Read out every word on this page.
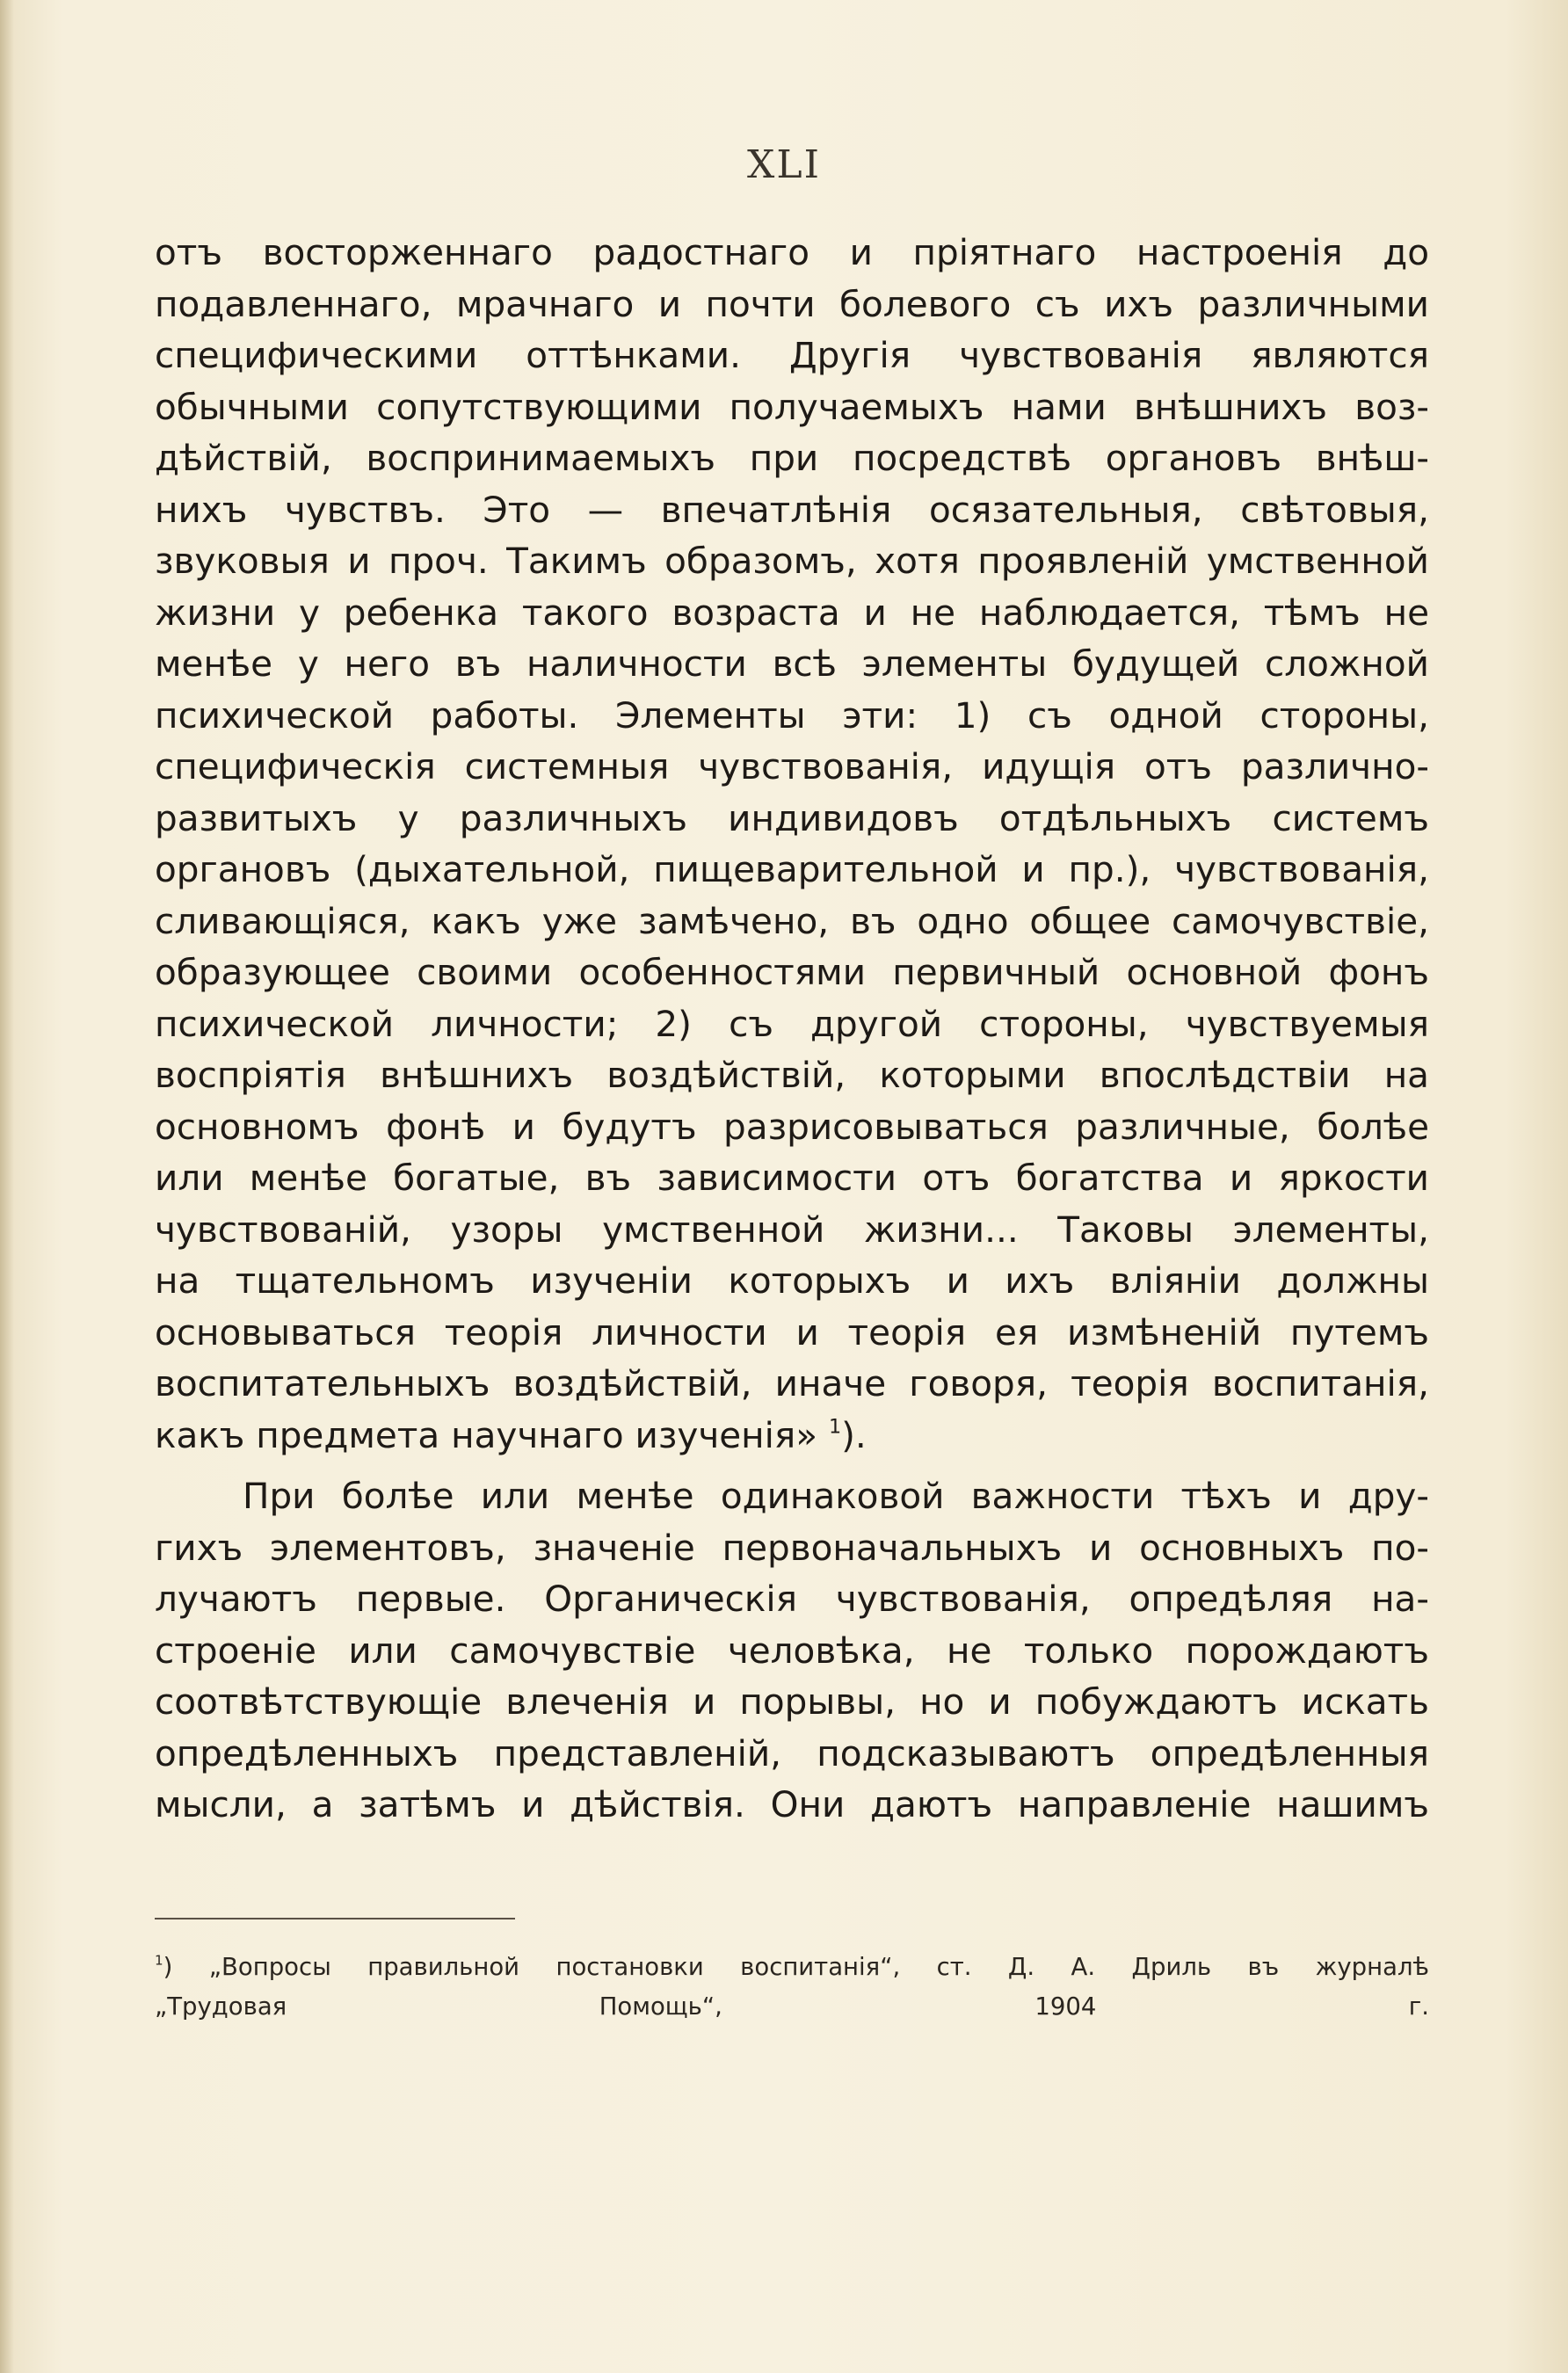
XLI
отъ восторженнаго радостнаго и пріятнаго настроенія до
подавленнаго, мрачнаго и почти болевого съ ихъ различными
специфическими оттѣнками. Другія чувствованія являются
обычными сопутствующими получаемыхъ нами внѣшнихъ воз-
дѣйствій, воспринимаемыхъ при посредствѣ органовъ внѣш-
нихъ чувствъ. Это — впечатлѣнія осязательныя, свѣтовыя,
звуковыя и проч. Такимъ образомъ, хотя проявленій умственной
жизни у ребенка такого возраста и не наблюдается, тѣмъ не
менѣе у него въ наличности всѣ элементы будущей сложной
психической работы. Элементы эти: 1) съ одной стороны,
специфическія системныя чувствованія, идущія отъ различно-
развитыхъ у различныхъ индивидовъ отдѣльныхъ системъ
органовъ (дыхательной, пищеварительной и пр.), чувствованія,
сливающіяся, какъ уже замѣчено, въ одно общее самочувствіе,
образующее своими особенностями первичный основной фонъ
психической личности; 2) съ другой стороны, чувствуемыя
воспріятія внѣшнихъ воздѣйствій, которыми впослѣдствіи на
основномъ фонѣ и будутъ разрисовываться различные, болѣе
или менѣе богатые, въ зависимости отъ богатства и яркости
чувствованій, узоры умственной жизни... Таковы элементы,
на тщательномъ изученіи которыхъ и ихъ вліяніи должны
основываться теорія личности и теорія ея измѣненій путемъ
воспитательныхъ воздѣйствій, иначе говоря, теорія воспитанія,
какъ предмета научнаго изученія» $^1$).
При болѣе или менѣе одинаковой важности тѣхъ и дру-
гихъ элементовъ, значеніе первоначальныхъ и основныхъ по-
лучаютъ первые. Органическія чувствованія, опредѣляя на-
строеніе или самочувствіе человѣка, не только порождаютъ
соотвѣтствующіе влеченія и порывы, но и побуждаютъ искать
опредѣленныхъ представленій, подсказываютъ опредѣленныя
мысли, а затѣмъ и дѣйствія. Они даютъ направленіе нашимъ
$^1$) „Вопросы правильной постановки воспитанія“, ст. Д. А. Дриль въ журналѣ
„Трудовая Помощь“, 1904 г.
